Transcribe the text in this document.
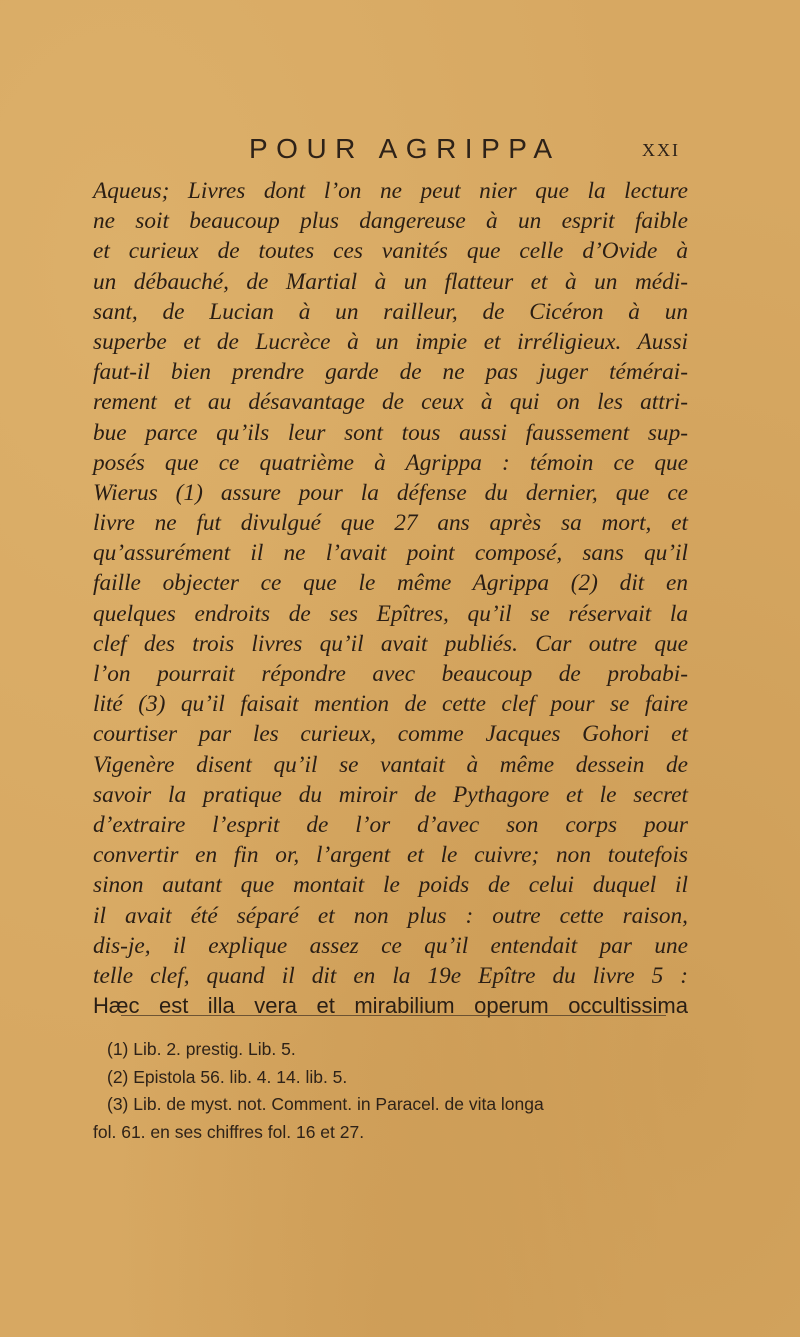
POUR AGRIPPA	XXI
Aqueus; Livres dont l’on ne peut nier que la lecture
ne soit beaucoup plus dangereuse à un esprit faible
et curieux de toutes ces vanités que celle d’Ovide à
un débauché, de Martial à un flatteur et à un médi-
sant, de Lucian à un railleur, de Cicéron à un
superbe et de Lucrèce à un impie et irréligieux. Aussi
faut-il bien prendre garde de ne pas juger témérai-
rement et au désavantage de ceux à qui on les attri-
bue parce qu’ils leur sont tous aussi faussement sup-
posés que ce quatrième à Agrippa : témoin ce que
Wierus (1) assure pour la défense du dernier, que ce
livre ne fut divulgué que 27 ans après sa mort, et
qu’assurément il ne l’avait point composé, sans qu’il
faille objecter ce que le même Agrippa (2) dit en
quelques endroits de ses Epîtres, qu’il se réservait la
clef des trois livres qu’il avait publiés. Car outre que
l’on pourrait répondre avec beaucoup de probabi-
lité (3) qu’il faisait mention de cette clef pour se faire
courtiser par les curieux, comme Jacques Gohori et
Vigenère disent qu’il se vantait à même dessein de
savoir la pratique du miroir de Pythagore et le secret
d’extraire l’esprit de l’or d’avec son corps pour
convertir en fin or, l’argent et le cuivre; non toutefois
sinon autant que montait le poids de celui duquel il
il avait été séparé et non plus : outre cette raison,
dis-je, il explique assez ce qu’il entendait par une
telle clef, quand il dit en la 19e Epître du livre 5 :
Hæc est illa vera et mirabilium operum occultissima
(1) Lib. 2. prestig. Lib. 5.
(2) Epistola 56. lib. 4. 14. lib. 5.
(3) Lib. de myst. not. Comment. in Paracel. de vita longa
fol. 61. en ses chiffres fol. 16 et 27.
